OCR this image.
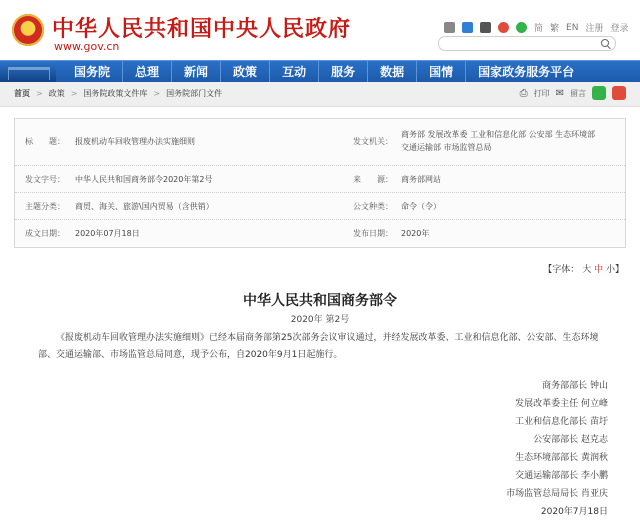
中华人民共和国中央人民政府
www.gov.cn
简 繁 EN 注册 登录
国务院	总理	新闻	政策	互动	服务	数据	国情	国家政务服务平台
首页 > 政策 > 国务院政策文件库 > 国务院部门文件	⎙ 打印 ✉ 留言
标　　题： 报废机动车回收管理办法实施细则	发文机关：
商务部 发展改革委 工业和信息化部 公安部 生态环境部
交通运输部 市场监管总局
发文字号： 中华人民共和国商务部令2020年第2号	来　　源： 商务部网站
主题分类： 商贸、海关、旅游\国内贸易（含供销）	公文种类： 命令（令）
成文日期： 2020年07月18日	发布日期： 2020年
【字体： 大 中 小】
中华人民共和国商务部令
2020年 第2号
《报废机动车回收管理办法实施细则》已经本届商务部第25次部务会议审议通过，并经发展改革委、工业和信息化部、公安部、生态环境部、交通运输部、市场监管总局同意，现予公布，自2020年9月1日起施行。
商务部部长 钟山
发展改革委主任 何立峰
工业和信息化部长 苗圩
公安部部长 赵克志
生态环境部部长 黄润秋
交通运输部部长 李小鹏
市场监管总局局长 肖亚庆
2020年7月18日
